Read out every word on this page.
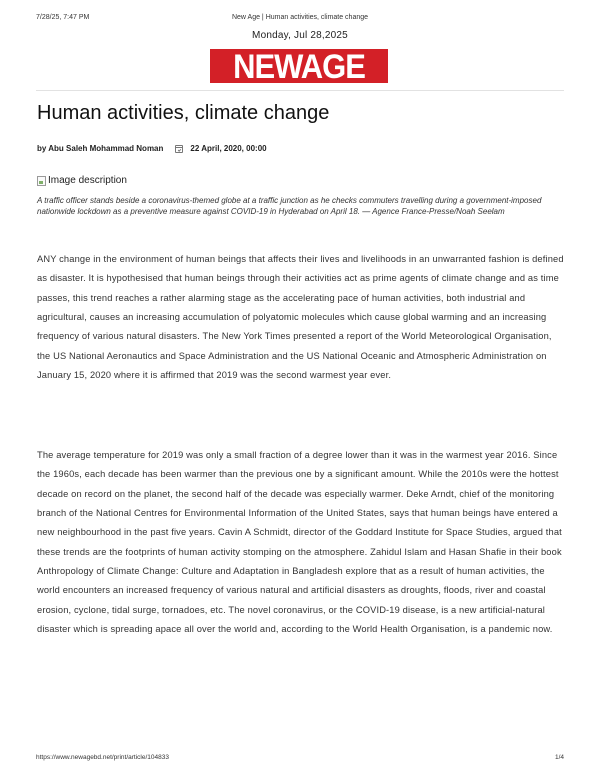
7/28/25, 7:47 PM	New Age | Human activities, climate change
Monday, Jul 28,2025
NEWAGE
Human activities, climate change
by Abu Saleh Mohammad Noman	22 April, 2020, 00:00
Image description

A traffic officer stands beside a coronavirus-themed globe at a traffic junction as he checks commuters travelling during a government-imposed nationwide lockdown as a preventive measure against COVID-19 in Hyderabad on April 18. — Agence France-Presse/Noah Seelam

ANY change in the environment of human beings that affects their lives and livelihoods in an unwarranted fashion is defined as disaster. It is hypothesised that human beings through their activities act as prime agents of climate change and as time passes, this trend reaches a rather alarming stage as the accelerating pace of human activities, both industrial and agricultural, causes an increasing accumulation of polyatomic molecules which cause global warming and an increasing frequency of various natural disasters. The New York Times presented a report of the World Meteorological Organisation, the US National Aeronautics and Space Administration and the US National Oceanic and Atmospheric Administration on January 15, 2020 where it is affirmed that 2019 was the second warmest year ever.

The average temperature for 2019 was only a small fraction of a degree lower than it was in the warmest year 2016. Since the 1960s, each decade has been warmer than the previous one by a significant amount. While the 2010s were the hottest decade on record on the planet, the second half of the decade was especially warmer. Deke Arndt, chief of the monitoring branch of the National Centres for Environmental Information of the United States, says that human beings have entered a new neighbourhood in the past five years. Cavin A Schmidt, director of the Goddard Institute for Space Studies, argued that these trends are the footprints of human activity stomping on the atmosphere. Zahidul Islam and Hasan Shafie in their book Anthropology of Climate Change: Culture and Adaptation in Bangladesh explore that as a result of human activities, the world encounters an increased frequency of various natural and artificial disasters as droughts, floods, river and coastal erosion, cyclone, tidal surge, tornadoes, etc. The novel coronavirus, or the COVID-19 disease, is a new artificial-natural disaster which is spreading apace all over the world and, according to the World Health Organisation, is a pandemic now.

https://www.newagebd.net/print/article/104833	1/4
